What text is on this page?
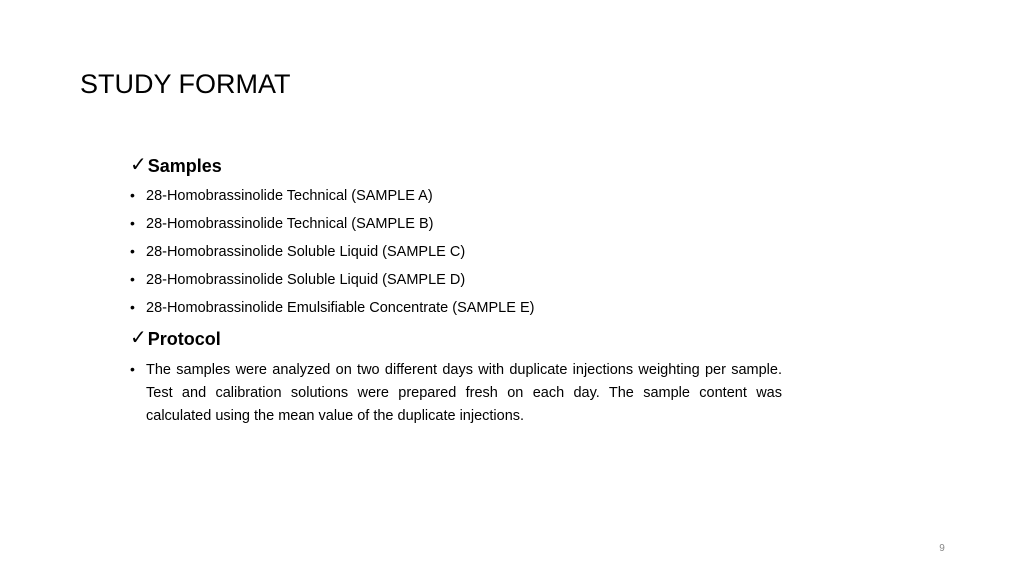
STUDY FORMAT
✓ Samples
• 28-Homobrassinolide Technical (SAMPLE A)
• 28-Homobrassinolide Technical (SAMPLE B)
• 28-Homobrassinolide Soluble Liquid (SAMPLE C)
• 28-Homobrassinolide Soluble Liquid (SAMPLE D)
• 28-Homobrassinolide Emulsifiable Concentrate (SAMPLE E)
✓ Protocol
• The samples were analyzed on two different days with duplicate injections weighting per sample. Test and calibration solutions were prepared fresh on each day. The sample content was calculated using the mean value of the duplicate injections.
9
